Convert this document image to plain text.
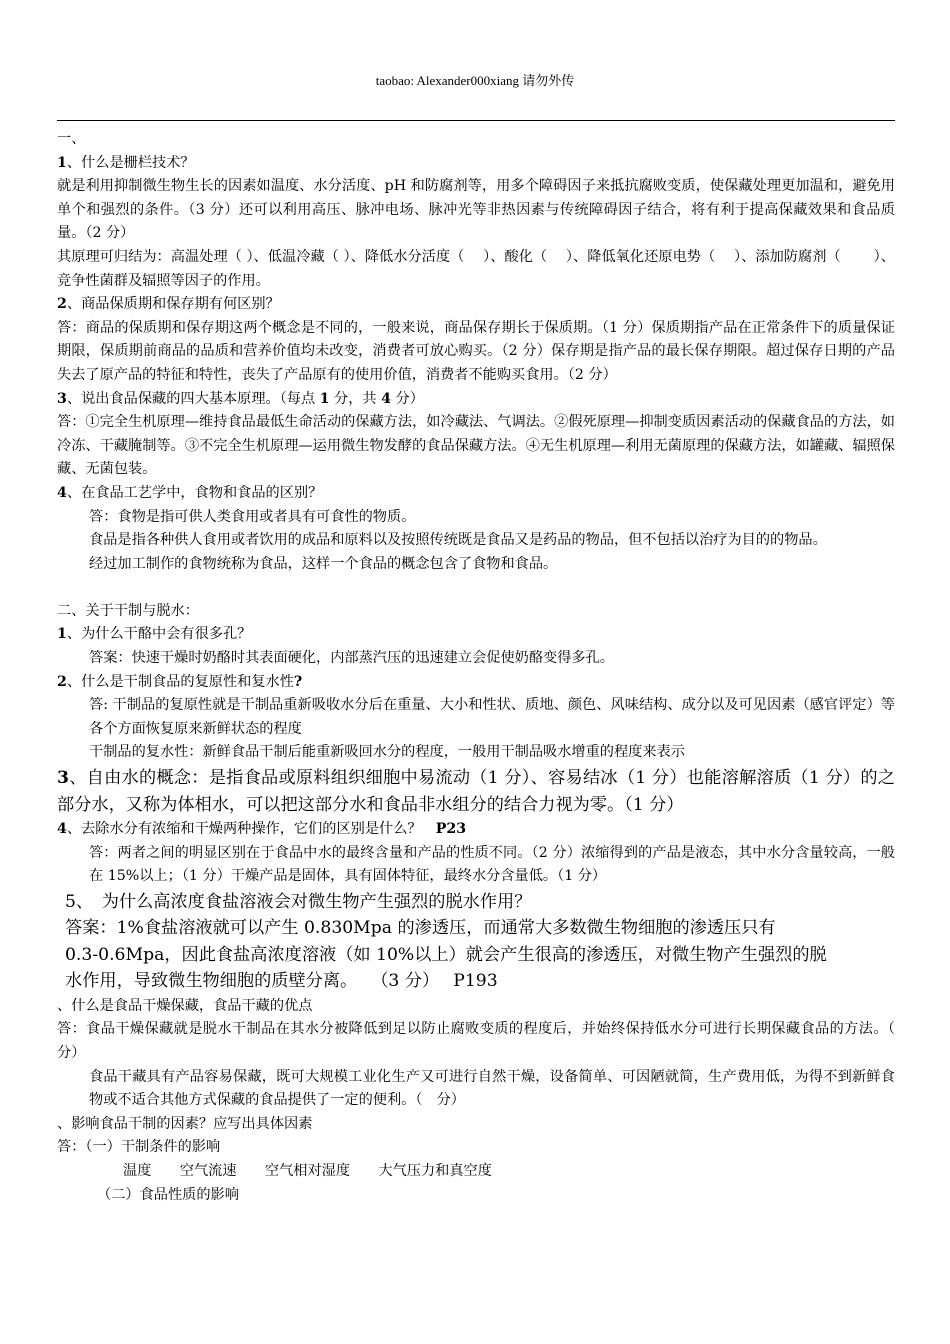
taobao: Alexander000xiang 请勿外传
一、
1、什么是栅栏技术？
就是利用抑制微生物生长的因素如温度、水分活度、pH 和防腐剂等，用多个障碍因子来抵抗腐败变质，使保藏处理更加温和，避免用单个和强烈的条件。（3 分）还可以利用高压、脉冲电场、脉冲光等非热因素与传统障碍因子结合，将有利于提高保藏效果和食品质量。（2 分）
其原理可归结为：高温处理（ ）、低温冷藏（ ）、降低水分活度（　 ）、酸化（　 ）、降低氧化还原电势（　 ）、添加防腐剂（　　 ）、竞争性菌群及辐照等因子的作用。
2、商品保质期和保存期有何区别？
答：商品的保质期和保存期这两个概念是不同的，一般来说，商品保存期长于保质期。（1 分）保质期指产品在正常条件下的质量保证期限，保质期前商品的品质和营养价值均未改变，消费者可放心购买。（2 分）保存期是指产品的最长保存期限。超过保存日期的产品失去了原产品的特征和特性，丧失了产品原有的使用价值，消费者不能购买食用。（2 分）
3、说出食品保藏的四大基本原理。（每点 1 分，共 4 分）
答：①完全生机原理—维持食品最低生命活动的保藏方法，如冷藏法、气调法。②假死原理—抑制变质因素活动的保藏食品的方法，如冷冻、干藏腌制等。③不完全生机原理—运用微生物发酵的食品保藏方法。④无生机原理—利用无菌原理的保藏方法，如罐藏、辐照保藏、无菌包装。
4、在食品工艺学中，食物和食品的区别？
答：食物是指可供人类食用或者具有可食性的物质。
食品是指各种供人食用或者饮用的成品和原料以及按照传统既是食品又是药品的物品，但不包括以治疗为目的的物品。
经过加工制作的食物统称为食品，这样一个食品的概念包含了食物和食品。
二、关于干制与脱水：
1、为什么干酪中会有很多孔？
答案：快速干燥时奶酪时其表面硬化，内部蒸汽压的迅速建立会促使奶酪变得多孔。
2、什么是干制食品的复原性和复水性?
答: 干制品的复原性就是干制品重新吸收水分后在重量、大小和性状、质地、颜色、风味结构、成分以及可见因素（感官评定）等各个方面恢复原来新鲜状态的程度
干制品的复水性：新鲜食品干制后能重新吸回水分的程度，一般用干制品吸水增重的程度来表示
3、自由水的概念：是指食品或原料组织细胞中易流动（1 分）、容易结冰（1 分）也能溶解溶质（1 分）的之部分水，又称为体相水，可以把这部分水和食品非水组分的结合力视为零。（1 分）
4、去除水分有浓缩和干燥两种操作，它们的区别是什么？　P23
答：两者之间的明显区别在于食品中水的最终含量和产品的性质不同。（2 分）浓缩得到的产品是液态，其中水分含量较高，一般在 15%以上；（1 分）干燥产品是固体，具有固体特征，最终水分含量低。（1 分）
5、　为什么高浓度食盐溶液会对微生物产生强烈的脱水作用？
答案：1%食盐溶液就可以产生 0.830Mpa 的渗透压，而通常大多数微生物细胞的渗透压只有
0.3-0.6Mpa，因此食盐高浓度溶液（如 10%以上）就会产生很高的渗透压，对微生物产生强烈的脱
水作用，导致微生物细胞的质壁分离。　 （3 分）　 P193
、什么是食品干燥保藏，食品干藏的优点
答：食品干燥保藏就是脱水干制品在其水分被降低到足以防止腐败变质的程度后，并始终保持低水分可进行长期保藏食品的方法。（　分）
食品干藏具有产品容易保藏，既可大规模工业化生产又可进行自然干燥，设备简单、可因陋就简，生产费用低，为得不到新鲜食物或不适合其他方式保藏的食品提供了一定的便利。（　分）
、影响食品干制的因素？应写出具体因素
答：（一）干制条件的影响
温度　　空气流速　　空气相对湿度　　大气压力和真空度
（二）食品性质的影响
